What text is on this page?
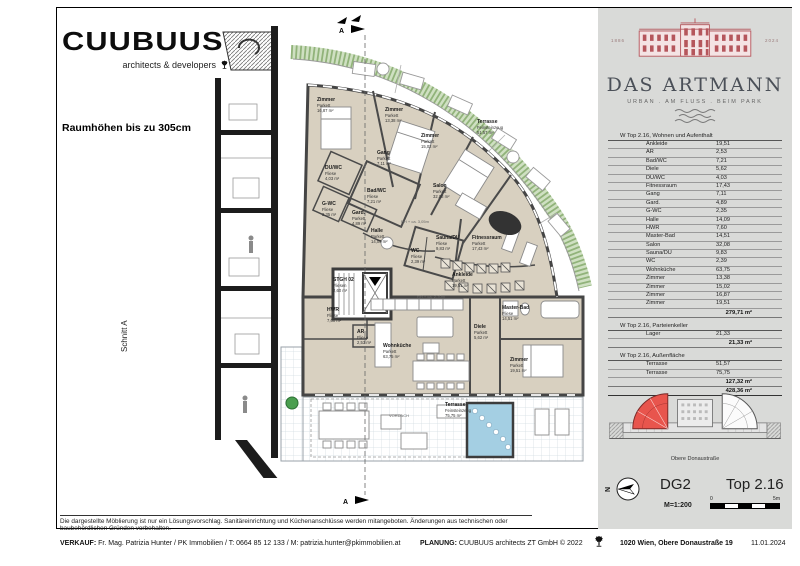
CUUBUUS
architects & developers
Raumhöhen bis zu 305cm
Schnitt A
A
A
Zimmer
Parkett
16,87 m²	Zimmer
Parkett
13,38 m²
Zimmer
Parkett
15,02 m²
Terrasse
Feinsteinzeug
51,57 m²
Gang
Parkett
7,11 m²
DU/WC
Fliese
4,03 m²
Bad/WC
Fliese
7,21 m²
G-WC
Fliese
2,35 m²	Gard.
Parkett
4,89 m²
Salon
Parkett
32,08 m²
Halle
Parkett
14,09 m²
WC
Fliese
2,39 m²
Sauna/DU
Fliese
9,83 m²
Fitnessraum
Parkett
17,43 m²
Ankleide
Parkett
19,51 m²
STGH 02
Fliesen
2,60 m²
HWR
Fliese
7,60 m²
AR
Fliese
2,53 m²
Wohnküche
Parkett
63,75 m²
Diele
Parkett
5,62 m²
Master-Bad
Fliese
14,51 m²
Zimmer
Parkett
19,51 m²
Terrasse
Feinsteinzeug
75,75 m²
VORDACH
RH + ca. 3,05m
RH + ca. 2,70m
1886	2024
DAS ARTMANN
URBAN . AM FLUSS . BEIM PARK
W Top 2.16, Wohnen und Aufenthalt
Ankleide	19,51
AR	2,53
Bad/WC	7,21
Diele	5,62
DU/WC	4,03
Fitnessraum	17,43
Gang	7,11
Gard.	4,89
G-WC	2,35
Halle	14,09
HWR	7,60
Master-Bad	14,51
Salon	32,08
Sauna/DU	9,83
WC	2,39
Wohnküche	63,75
Zimmer	13,38
Zimmer	15,02
Zimmer	16,87
Zimmer	19,51
279,71 m²
W Top 2.16, Parteienkeller
Lager	21,33
21,33 m²
W Top 2.16, Außenfläche
Terrasse	51,57
Terrasse	75,75
127,32 m²
428,36 m²
Obere Donaustraße
N	DG2 Top 2.16
M=1:200
0	5m
Die dargestellte Möblierung ist nur ein Lösungsvorschlag. Sanitäreinrichtung und Küchenanschlüsse werden mitangeboten. Änderungen aus technischen oder baubehördlichen Gründen vorbehalten.
VERKAUF: Fr. Mag. Patrizia Hunter / PK Immobilien / T: 0664 85 12 133 / M: patrizia.hunter@pkimmobilien.at	PLANUNG: CUUBUUS architects ZT GmbH © 2022	1020 Wien, Obere Donaustraße 19	11.01.2024
